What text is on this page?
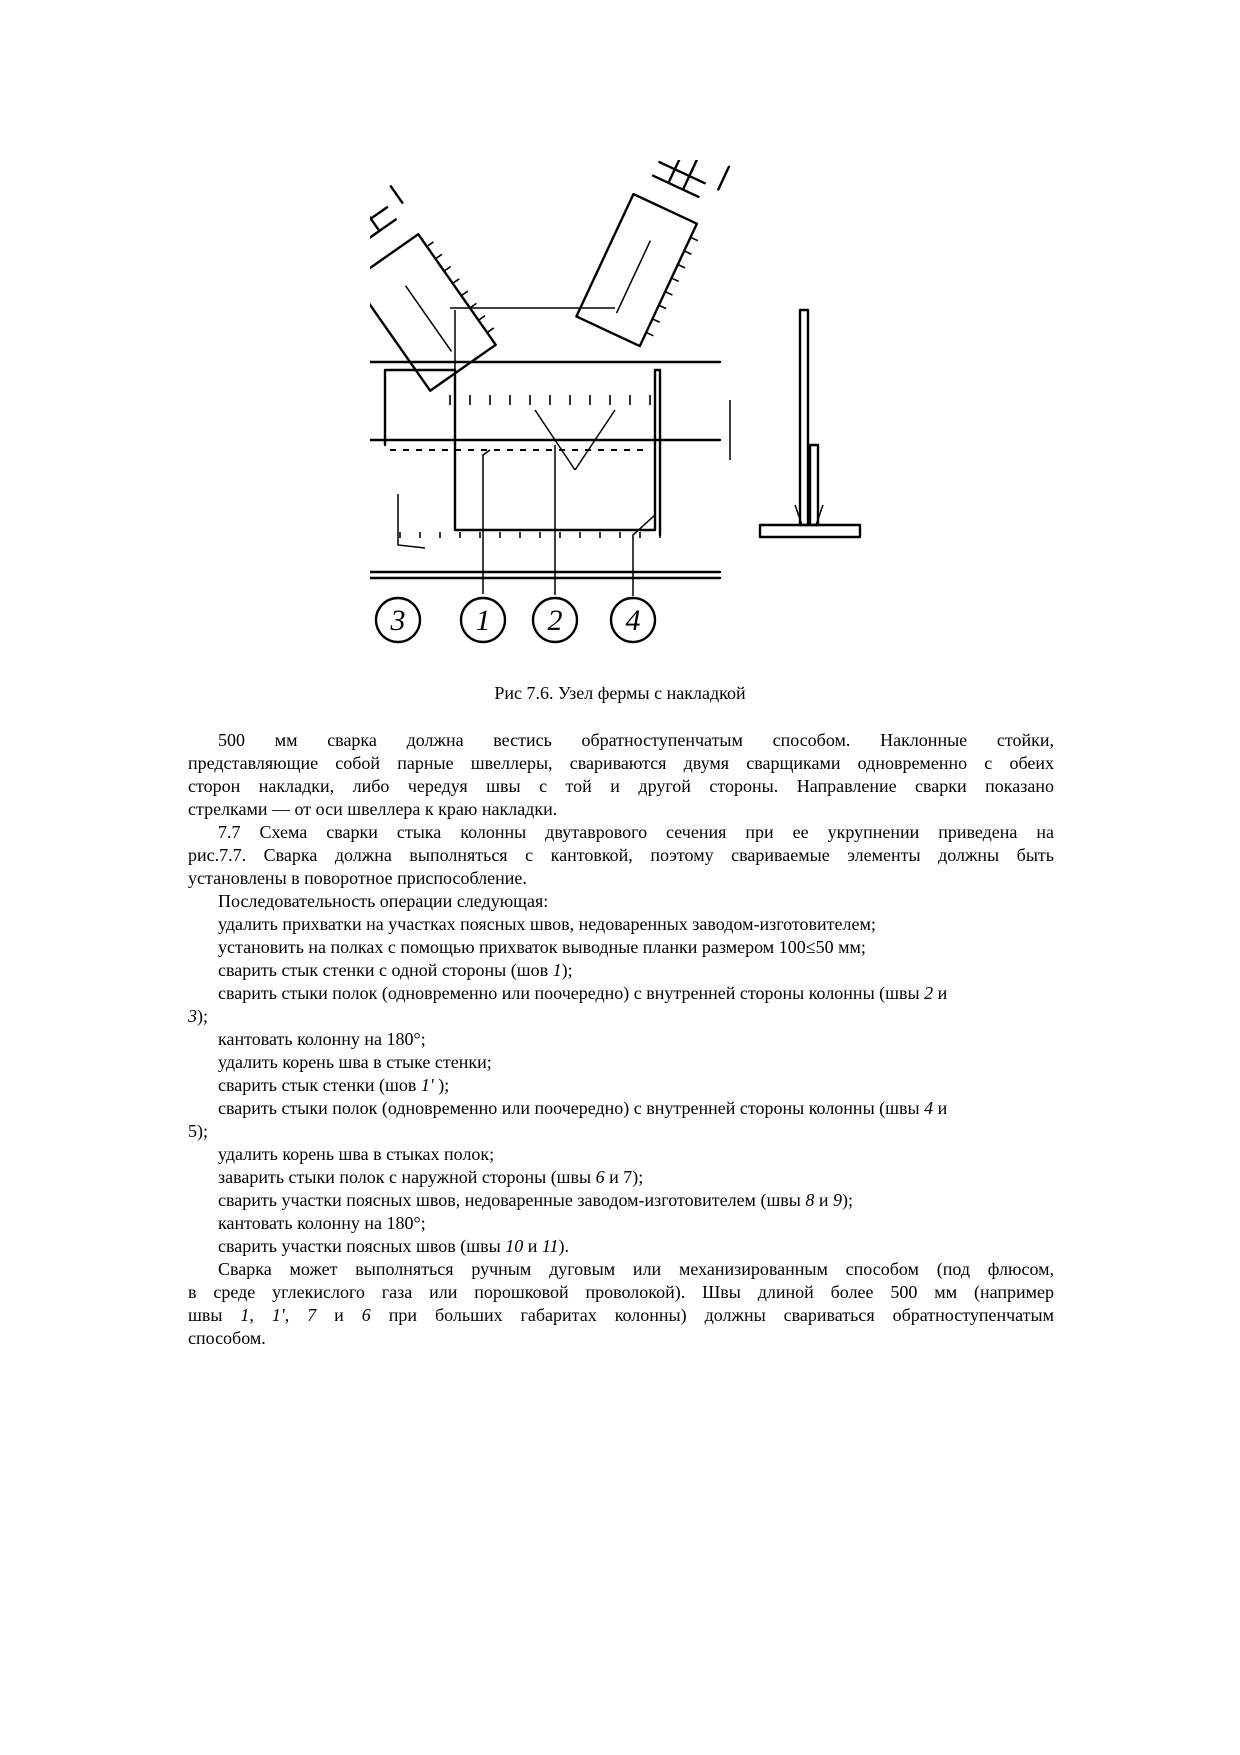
3 1 2 4
Рис 7.6. Узел фермы с накладкой

500 мм сварка должна вестись обратноступенчатым способом. Наклонные стойки,

представляющие собой парные швеллеры, свариваются двумя сварщиками одновременно с обеих

сторон накладки, либо чередуя швы с той и другой стороны. Направление сварки показано

стрелками — от оси швеллера к краю накладки.

7.7 Схема сварки стыка колонны двутаврового сечения при ее укрупнении приведена на

рис.7.7. Сварка должна выполняться с кантовкой, поэтому свариваемые элементы должны быть

установлены в поворотное приспособление.

Последовательность операции следующая:

удалить прихватки на участках поясных швов, недоваренных заводом-изготовителем;

установить на полках с помощью прихваток выводные планки размером 100≤50 мм;

сварить стык стенки с одной стороны (шов 1);

сварить стыки полок (одновременно или поочередно) с внутренней стороны колонны (швы 2 и
3);

кантовать колонну на 180°;

удалить корень шва в стыке стенки;

сварить стык стенки (шов 1' );

сварить стыки полок (одновременно или поочередно) с внутренней стороны колонны (швы 4 и
5);

удалить корень шва в стыках полок;

заварить стыки полок с наружной стороны (швы 6 и 7);

сварить участки поясных швов, недоваренные заводом-изготовителем (швы 8 и 9);

кантовать колонну на 180°;

сварить участки поясных швов (швы 10 и 11).

Сварка может выполняться ручным дуговым или механизированным способом (под флюсом,

в среде углекислого газа или порошковой проволокой). Швы длиной более 500 мм (например

швы 1, 1', 7 и 6 при больших габаритах колонны) должны свариваться обратноступенчатым

способом.
